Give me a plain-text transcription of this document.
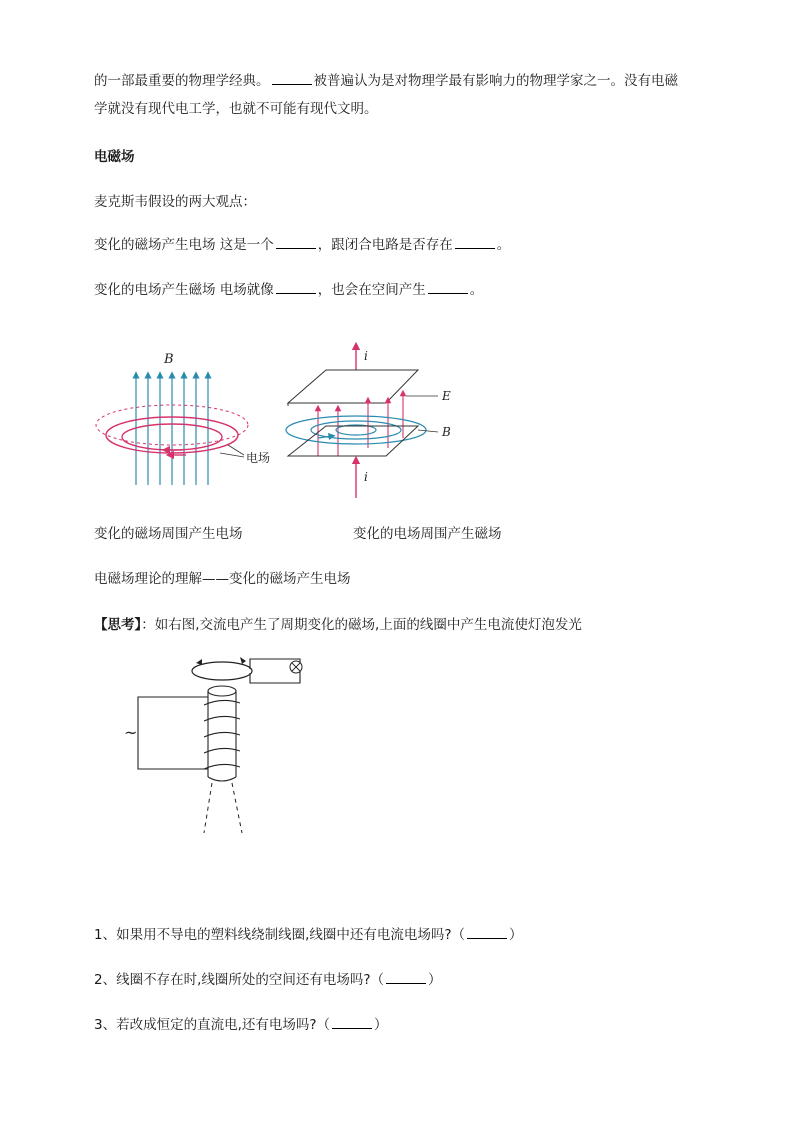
的一部最重要的物理学经典。	被普遍认为是对物理学最有影响力的物理学家之一。没有电磁
学就没有现代电工学，也就不可能有现代文明。
电磁场
麦克斯韦假设的两大观点：
变化的磁场产生电场 这是一个	，跟闭合电路是否存在	。
变化的电场产生磁场 电场就像	，也会在空间产生	。
B
电场
i
E
B
i
变化的磁场周围产生电场	变化的电场周围产生磁场
电磁场理论的理解——变化的磁场产生电场
【思考】：如右图,交流电产生了周期变化的磁场,上面的线圈中产生电流使灯泡发光
~
1、如果用不导电的塑料线绕制线圈,线圈中还有电流电场吗?（	）
2、线圈不存在时,线圈所处的空间还有电场吗?（	）
3、若改成恒定的直流电,还有电场吗?（	）
